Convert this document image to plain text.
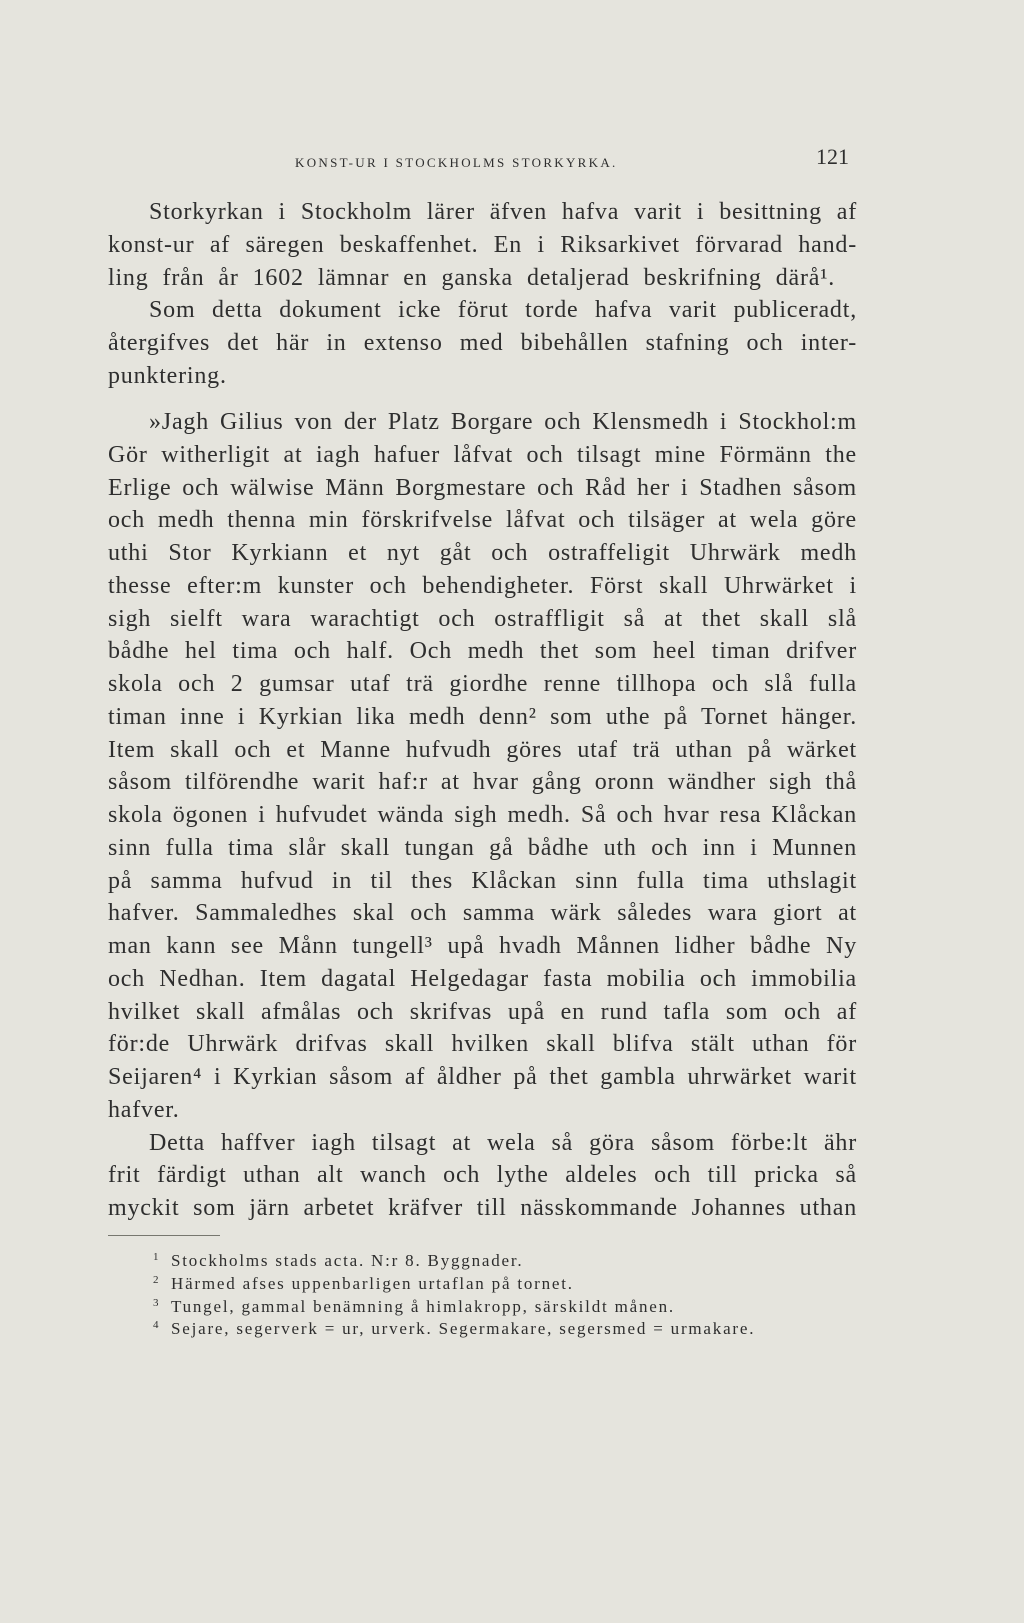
KONST-UR I STOCKHOLMS STORKYRKA.	121
Storkyrkan i Stockholm lärer äfven hafva varit i besittning af
konst-ur af säregen beskaffenhet. En i Riksarkivet förvarad hand-
ling från år 1602 lämnar en ganska detaljerad beskrifning därå¹.
Som detta dokument icke förut torde hafva varit publiceradt,
återgifves det här in extenso med bibehållen stafning och inter-
punktering.
»Jagh Gilius von der Platz Borgare och Klensmedh i Stockhol:m
Gör witherligit at iagh hafuer låfvat och tilsagt mine Förmänn the
Erlige och wälwise Männ Borgmestare och Råd her i Stadhen såsom
och medh thenna min förskrifvelse låfvat och tilsäger at wela göre
uthi Stor Kyrkiann et nyt gåt och ostraffeligit Uhrwärk medh
thesse efter:m kunster och behendigheter. Först skall Uhrwärket i
sigh sielft wara warachtigt och ostraffligit så at thet skall slå
bådhe hel tima och half. Och medh thet som heel timan drifver
skola och 2 gumsar utaf trä giordhe renne tillhopa och slå fulla
timan inne i Kyrkian lika medh denn² som uthe på Tornet hänger.
Item skall och et Manne hufvudh göres utaf trä uthan på wärket
såsom tilförendhe warit haf:r at hvar gång oronn wändher sigh thå
skola ögonen i hufvudet wända sigh medh. Så och hvar resa Klåckan
sinn fulla tima slår skall tungan gå bådhe uth och inn i Munnen
på samma hufvud in til thes Klåckan sinn fulla tima uthslagit
hafver. Sammaledhes skal och samma wärk således wara giort at
man kann see Månn tungell³ upå hvadh Månnen lidher bådhe Ny
och Nedhan. Item dagatal Helgedagar fasta mobilia och immobilia
hvilket skall afmålas och skrifvas upå en rund tafla som och af
för:de Uhrwärk drifvas skall hvilken skall blifva stält uthan för
Seijaren⁴ i Kyrkian såsom af åldher på thet gambla uhrwärket warit
hafver.
Detta haffver iagh tilsagt at wela så göra såsom förbe:lt ähr
frit färdigt uthan alt wanch och lythe aldeles och till pricka så
myckit som järn arbetet kräfver till nässkommande Johannes uthan
1 Stockholms stads acta. N:r 8. Byggnader.
2 Härmed afses uppenbarligen urtaflan på tornet.
3 Tungel, gammal benämning å himlakropp, särskildt månen.
4 Sejare, segerverk = ur, urverk. Segermakare, segersmed = urmakare.
